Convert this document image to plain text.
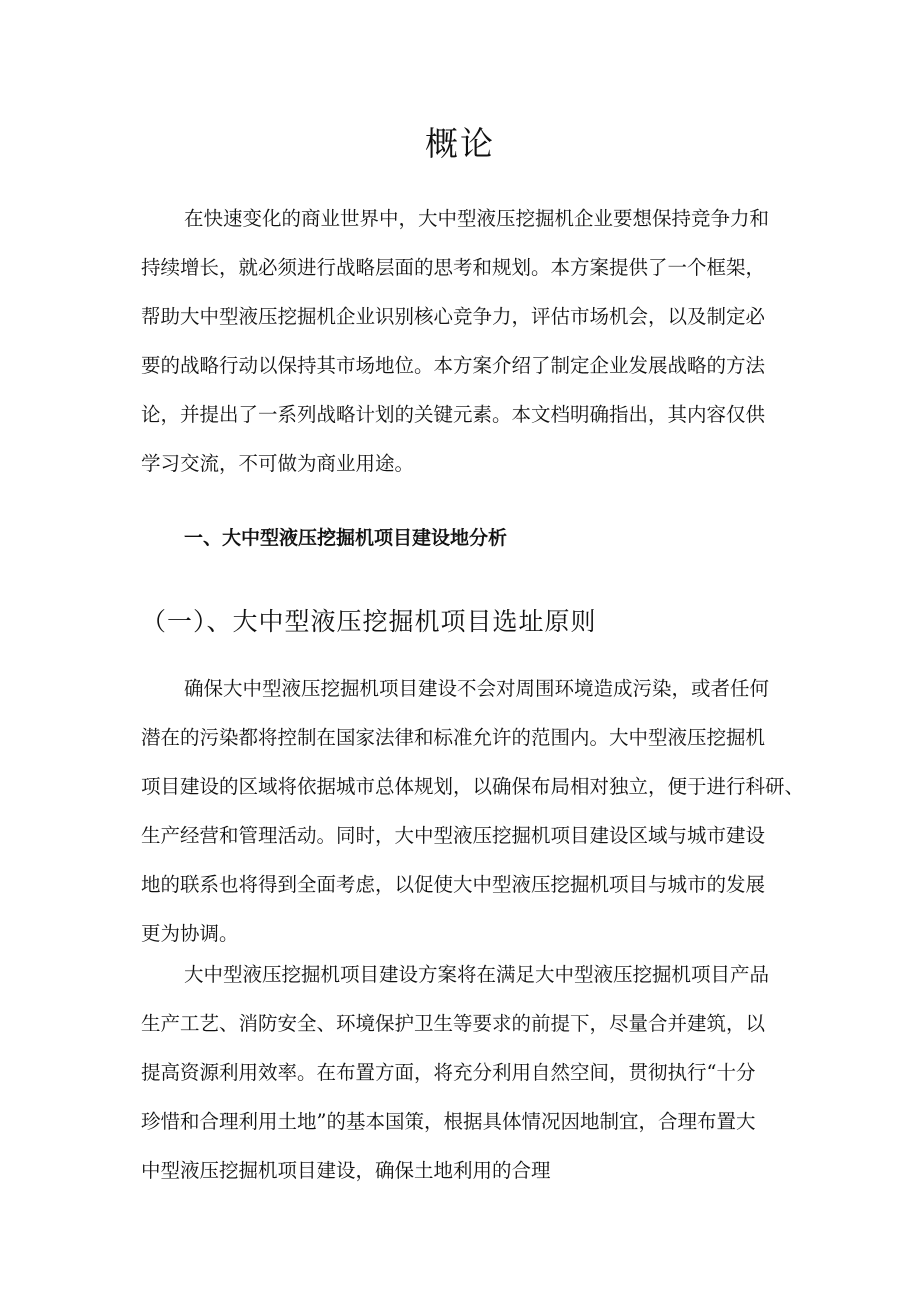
概论
在快速变化的商业世界中，大中型液压挖掘机企业要想保持竞争力和
持续增长，就必须进行战略层面的思考和规划。本方案提供了一个框架，
帮助大中型液压挖掘机企业识别核心竞争力，评估市场机会，以及制定必
要的战略行动以保持其市场地位。本方案介绍了制定企业发展战略的方法
论，并提出了一系列战略计划的关键元素。本文档明确指出，其内容仅供
学习交流，不可做为商业用途。
一、大中型液压挖掘机项目建设地分析
（一）、大中型液压挖掘机项目选址原则
确保大中型液压挖掘机项目建设不会对周围环境造成污染，或者任何
潜在的污染都将控制在国家法律和标准允许的范围内。大中型液压挖掘机
项目建设的区域将依据城市总体规划，以确保布局相对独立，便于进行科研、
生产经营和管理活动。同时，大中型液压挖掘机项目建设区域与城市建设
地的联系也将得到全面考虑，以促使大中型液压挖掘机项目与城市的发展
更为协调。
大中型液压挖掘机项目建设方案将在满足大中型液压挖掘机项目产品
生产工艺、消防安全、环境保护卫生等要求的前提下，尽量合并建筑，以
提高资源利用效率。在布置方面，将充分利用自然空间，贯彻执行“十分
珍惜和合理利用土地”的基本国策，根据具体情况因地制宜，合理布置大
中型液压挖掘机项目建设，确保土地利用的合理
